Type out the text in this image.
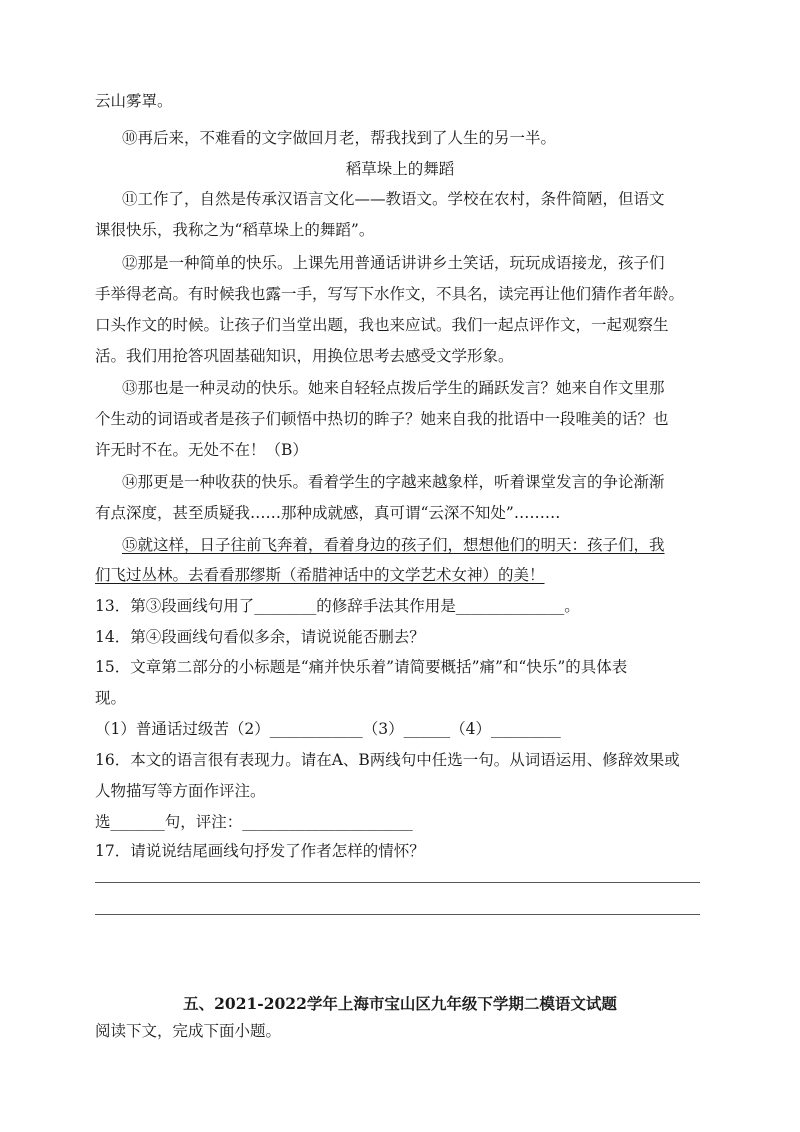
云山雾罩。
⑩再后来，不难看的文字做回月老，帮我找到了人生的另一半。
稻草垛上的舞蹈
⑪工作了，自然是传承汉语言文化——教语文。学校在农村，条件简陋，但语文
课很快乐，我称之为“稻草垛上的舞蹈”。
⑫那是一种简单的快乐。上课先用普通话讲讲乡土笑话，玩玩成语接龙，孩子们
手举得老高。有时候我也露一手，写写下水作文，不具名，读完再让他们猜作者年龄。
口头作文的时候。让孩子们当堂出题，我也来应试。我们一起点评作文，一起观察生
活。我们用抢答巩固基础知识，用换位思考去感受文学形象。
⑬那也是一种灵动的快乐。她来自轻轻点拨后学生的踊跃发言？她来自作文里那
个生动的词语或者是孩子们顿悟中热切的眸子？她来自我的批语中一段唯美的话？也
许无时不在。无处不在！（B）
⑭那更是一种收获的快乐。看着学生的字越来越象样，听着课堂发言的争论渐渐
有点深度，甚至质疑我……那种成就感，真可谓“云深不知处”………
⑮就这样，日子往前飞奔着，看着身边的孩子们，想想他们的明天：孩子们，我
们飞过丛林。去看看那缪斯（希腊神话中的文学艺术女神）的美！
13．第③段画线句用了________的修辞手法其作用是______________。
14．第④段画线句看似多余，请说说能否删去？
15．文章第二部分的小标题是“痛并快乐着”请简要概括”痛”和“快乐”的具体表
现。
（1）普通话过级苦（2）____________（3）______（4）_________
16．本文的语言很有表现力。请在A、B两线句中任选一句。从词语运用、修辞效果或
人物描写等方面作评注。
选_______句，评注：______________________
17．请说说结尾画线句抒发了作者怎样的情怀？
五、2021-2022学年上海市宝山区九年级下学期二模语文试题
阅读下文，完成下面小题。
